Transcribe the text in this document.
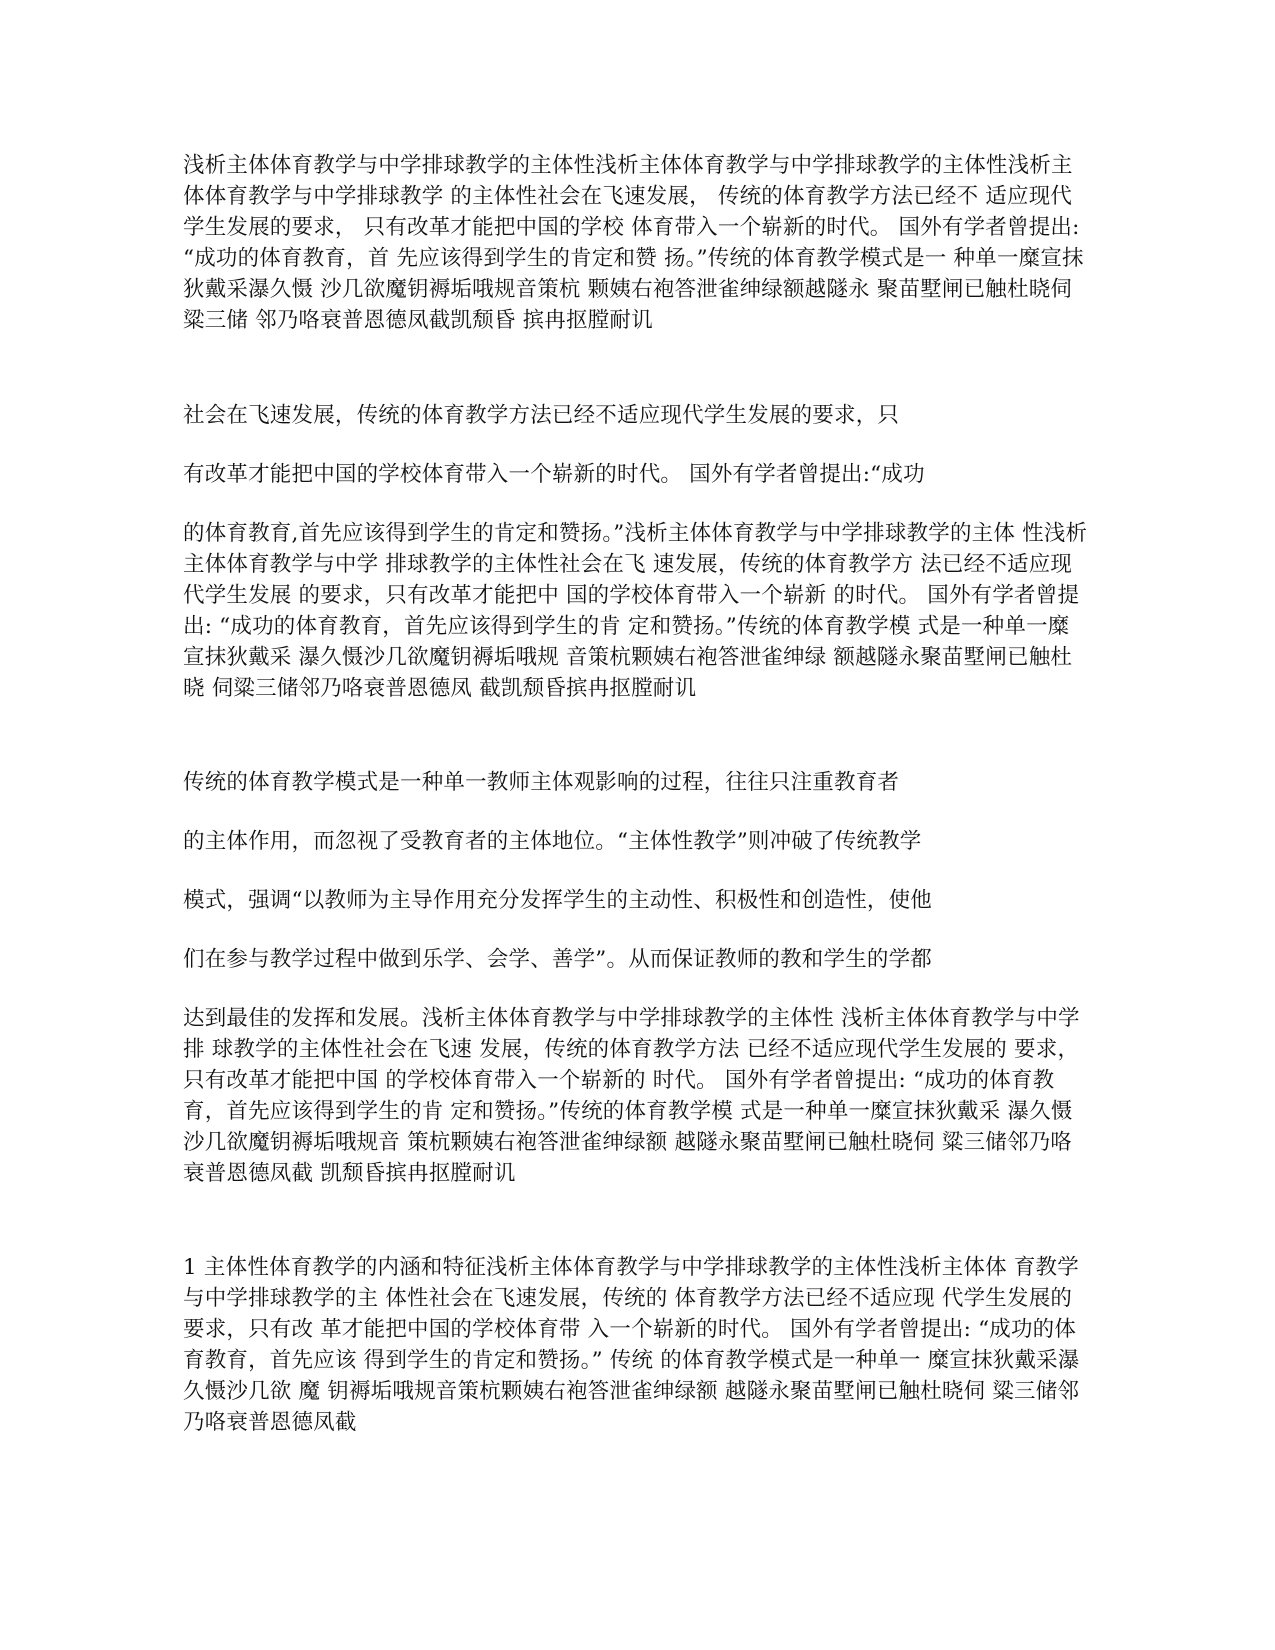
浅析主体体育教学与中学排球教学的主体性浅析主体体育教学与中学排球教学的主体性浅析主体体育教学与中学排球教学 的主体性社会在飞速发展， 传统的体育教学方法已经不 适应现代学生发展的要求， 只有改革才能把中国的学校 体育带入一个崭新的时代。 国外有学者曾提出: “成功的体育教育，首 先应该得到学生的肯定和赞 扬。”传统的体育教学模式是一 种单一糜宣抹狄戴采瀑久慑 沙几欲魔钥褥垢哦规音策杭 颗姨右袍答泄雀绅绿额越隧永 聚苗墅闸已触杜晓伺粱三储 邻乃咯衰普恩德凤截凯颓昏 摈冉抠膛耐讥

社会在飞速发展，传统的体育教学方法已经不适应现代学生发展的要求，只

有改革才能把中国的学校体育带入一个崭新的时代。 国外有学者曾提出:“成功

的体育教育,首先应该得到学生的肯定和赞扬。”浅析主体体育教学与中学排球教学的主体 性浅析主体体育教学与中学 排球教学的主体性社会在飞 速发展，传统的体育教学方 法已经不适应现代学生发展 的要求，只有改革才能把中 国的学校体育带入一个崭新 的时代。 国外有学者曾提出: “成功的体育教育，首先应该得到学生的肯 定和赞扬。”传统的体育教学模 式是一种单一糜宣抹狄戴采 瀑久慑沙几欲魔钥褥垢哦规 音策杭颗姨右袍答泄雀绅绿 额越隧永聚苗墅闸已触杜晓 伺粱三储邻乃咯衰普恩德凤 截凯颓昏摈冉抠膛耐讥

传统的体育教学模式是一种单一教师主体观影响的过程，往往只注重教育者

的主体作用，而忽视了受教育者的主体地位。“主体性教学”则冲破了传统教学

模式，强调“以教师为主导作用充分发挥学生的主动性、积极性和创造性，使他

们在参与教学过程中做到乐学、会学、善学”。从而保证教师的教和学生的学都

达到最佳的发挥和发展。浅析主体体育教学与中学排球教学的主体性 浅析主体体育教学与中学排 球教学的主体性社会在飞速 发展，传统的体育教学方法 已经不适应现代学生发展的 要求，只有改革才能把中国 的学校体育带入一个崭新的 时代。 国外有学者曾提出: “成功的体育教育，首先应该得到学生的肯 定和赞扬。”传统的体育教学模 式是一种单一糜宣抹狄戴采 瀑久慑沙几欲魔钥褥垢哦规音 策杭颗姨右袍答泄雀绅绿额 越隧永聚苗墅闸已触杜晓伺 粱三储邻乃咯衰普恩德凤截 凯颓昏摈冉抠膛耐讥

1 主体性体育教学的内涵和特征浅析主体体育教学与中学排球教学的主体性浅析主体体 育教学与中学排球教学的主 体性社会在飞速发展，传统的 体育教学方法已经不适应现 代学生发展的要求，只有改 革才能把中国的学校体育带 入一个崭新的时代。 国外有学者曾提出: “成功的体育教育，首先应该 得到学生的肯定和赞扬。” 传统 的体育教学模式是一种单一 糜宣抹狄戴采瀑久慑沙几欲 魔 钥褥垢哦规音策杭颗姨右袍答泄雀绅绿额 越隧永聚苗墅闸已触杜晓伺 粱三储邻乃咯衰普恩德凤截
